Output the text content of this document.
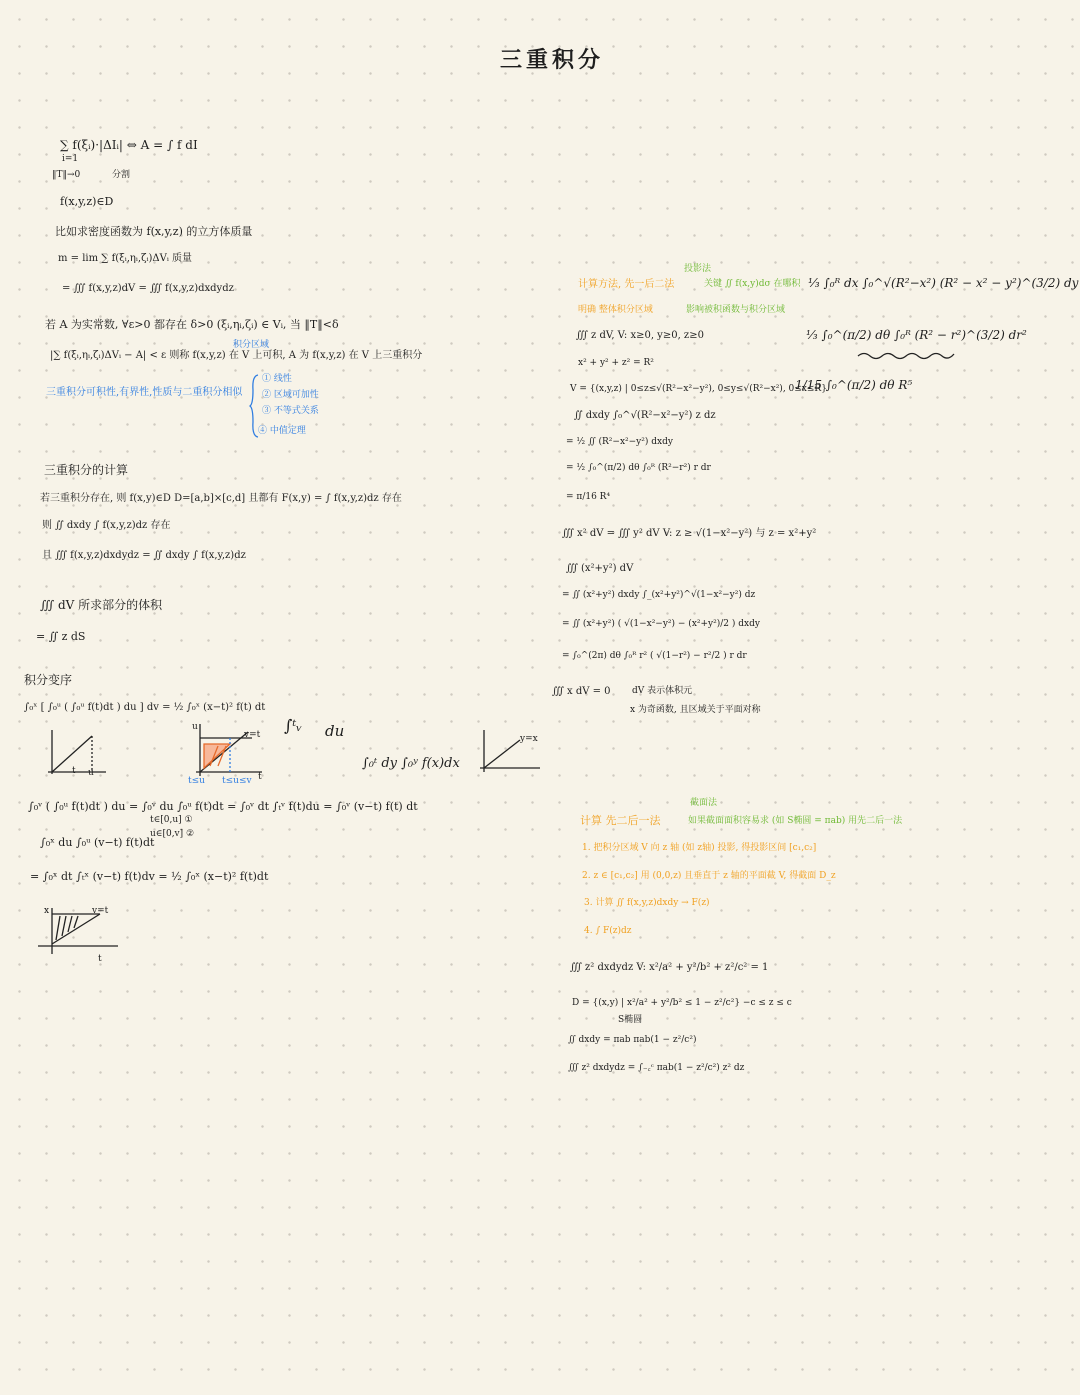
三重积分
∑ f(ξᵢ)·|ΔIᵢ| ⇔ A = ∫ f dI
i=1
‖T‖→0	分割
f(x,y,z)∈D
比如求密度函数为 f(x,y,z) 的立方体质量
m = lim ∑ f(ξᵢ,ηᵢ,ζᵢ)ΔVᵢ 质量
= ∭ f(x,y,z)dV = ∭ f(x,y,z)dxdydz
若 A 为实常数, ∀ε>0 都存在 δ>0 (ξᵢ,ηᵢ,ζᵢ) ∈ Vᵢ, 当 ‖T‖<δ
积分区域
|∑ f(ξᵢ,ηᵢ,ζᵢ)ΔVᵢ − A| < ε 则称 f(x,y,z) 在 V 上可积, A 为 f(x,y,z) 在 V 上三重积分
三重积分可积性,有界性,性质与二重积分相似
① 线性
② 区域可加性
③ 不等式关系
④ 中值定理
三重积分的计算
若三重积分存在, 则 f(x,y)∈D D=[a,b]×[c,d] 且都有 F(x,y) = ∫ f(x,y,z)dz 存在
则 ∬ dxdy ∫ f(x,y,z)dz 存在
且 ∭ f(x,y,z)dxdydz = ∬ dxdy ∫ f(x,y,z)dz
∭ dV 所求部分的体积
= ∬ z dS
积分变序
∫₀ˣ [ ∫₀ᵘ ( ∫₀ᵘ f(t)dt ) du ] dv = ½ ∫₀ˣ (x−t)² f(t) dt
t u
u
v=t
t
t≤u t≤u≤v
∫ᵗᵥ du
∫₀ᵗ dy ∫₀ʸ f(x)dx
y=x
∫₀ᵛ ( ∫₀ᵘ f(t)dt ) du = ∫₀ᵛ du ∫₀ᵘ f(t)dt = ∫₀ᵛ dt ∫ₜᵛ f(t)du = ∫₀ᵛ (v−t) f(t) dt
t∈[0,u] ①
u∈[0,v] ②
∫₀ˣ du ∫₀ᵘ (v−t) f(t)dt
= ∫₀ˣ dt ∫ₜˣ (v−t) f(t)dv = ½ ∫₀ˣ (x−t)² f(t)dt
x	v=t
t
投影法
计算方法, 先一后二法	关键 ∬ f(x,y)dσ 在哪积
明确 整体积分区域	影响被积函数与积分区域
⅓ ∫₀ᴿ dx ∫₀^√(R²−x²) (R² − x² − y²)^(3/2) dy
⅓ ∫₀^(π/2) dθ ∫₀ᴿ (R² − r²)^(3/2) dr²
1/15 ∫₀^(π/2) dθ R⁵
∭ z dV, V: x≥0, y≥0, z≥0
x² + y² + z² = R²
V = {(x,y,z) | 0≤z≤√(R²−x²−y²), 0≤y≤√(R²−x²), 0≤x≤R}
∬ dxdy ∫₀^√(R²−x²−y²) z dz
= ½ ∬ (R²−x²−y²) dxdy
= ½ ∫₀^(π/2) dθ ∫₀ᴿ (R²−r²) r dr
= π/16 R⁴
∭ x² dV = ∭ y² dV V: z ≥ √(1−x²−y²) 与 z = x²+y²
∭ (x²+y²) dV
= ∬ (x²+y²) dxdy ∫_(x²+y²)^√(1−x²−y²) dz
= ∬ (x²+y²) ( √(1−x²−y²) − (x²+y²)/2 ) dxdy
= ∫₀^(2π) dθ ∫₀ᴿ r² ( √(1−r²) − r²/2 ) r dr
∭ x dV = 0 dV 表示体积元
x 为奇函数, 且区域关于平面对称
截面法
计算 先二后一法	如果截面面积容易求 (如 S椭圆 = πab) 用先二后一法
1. 把积分区域 V 向 z 轴 (如 z轴) 投影, 得投影区间 [c₁,c₂]
2. z ∈ [c₁,c₂] 用 (0,0,z) 且垂直于 z 轴的平面截 V, 得截面 D_z
3. 计算 ∬ f(x,y,z)dxdy → F(z)
4. ∫ F(z)dz
∭ z² dxdydz V: x²/a² + y²/b² + z²/c² = 1
D = {(x,y) | x²/a² + y²/b² ≤ 1 − z²/c²} −c ≤ z ≤ c
S椭圆
∬ dxdy = πab πab(1 − z²/c²)
∭ z² dxdydz = ∫₋꜀ᶜ πab(1 − z²/c²) z² dz
